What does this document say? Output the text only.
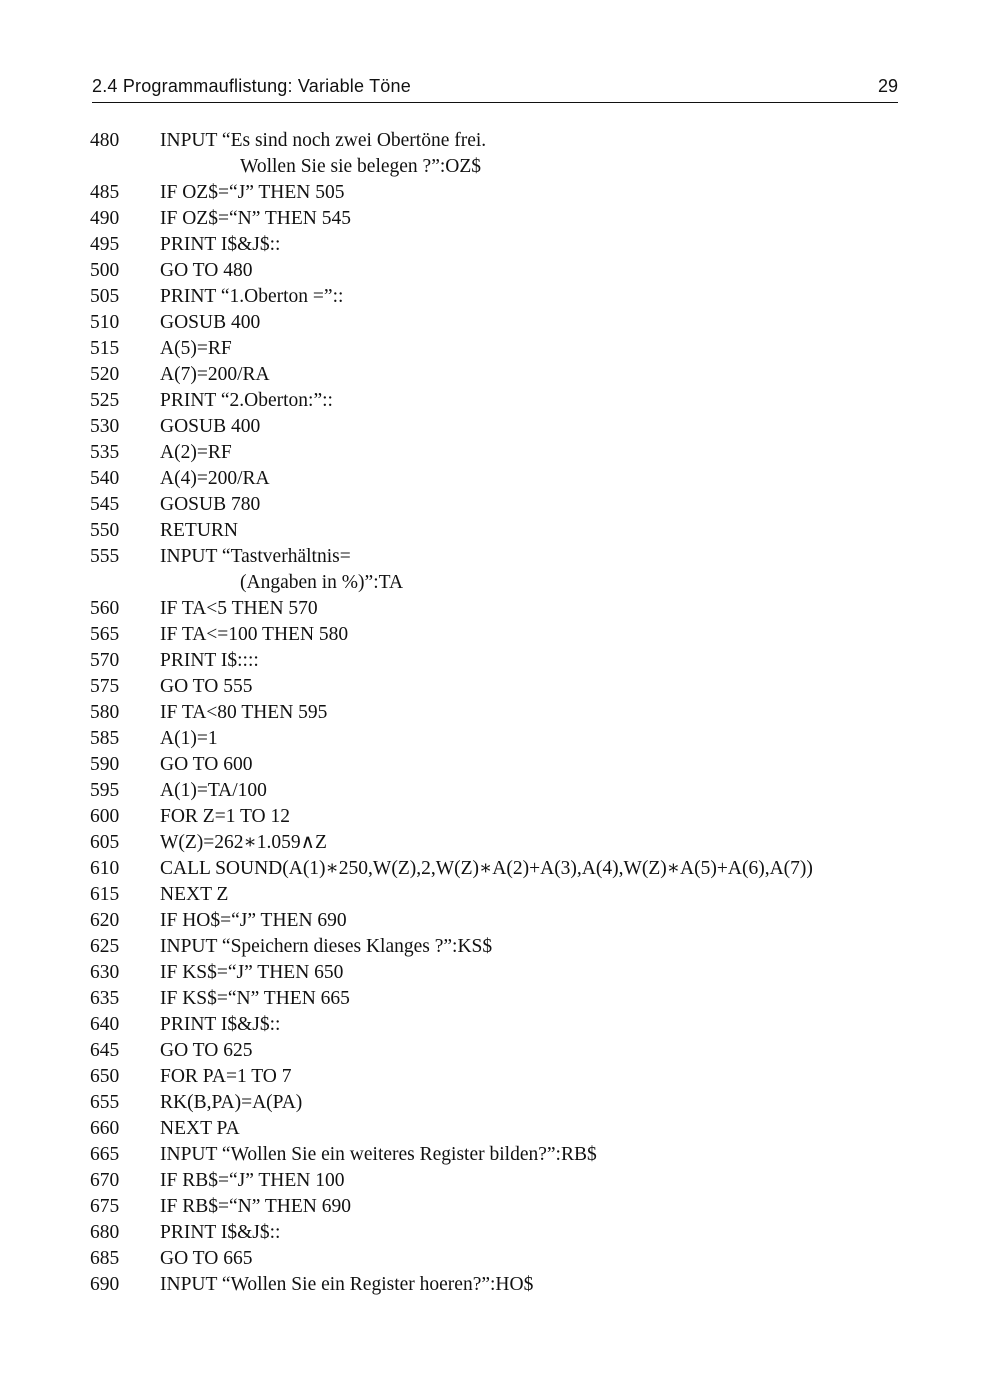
2.4 Programmauflistung: Variable Töne	29
480	INPUT “Es sind noch zwei Obertöne frei.
Wollen Sie sie belegen ?”:OZ$
485	IF OZ$=“J” THEN 505
490	IF OZ$=“N” THEN 545
495	PRINT I$&J$::
500	GO TO 480
505	PRINT “1.Oberton =”::
510	GOSUB 400
515	A(5)=RF
520	A(7)=200/RA
525	PRINT “2.Oberton:”::
530	GOSUB 400
535	A(2)=RF
540	A(4)=200/RA
545	GOSUB 780
550	RETURN
555	INPUT “Tastverhältnis=
(Angaben in %)”:TA
560	IF TA<5 THEN 570
565	IF TA<=100 THEN 580
570	PRINT I$::::
575	GO TO 555
580	IF TA<80 THEN 595
585	A(1)=1
590	GO TO 600
595	A(1)=TA/100
600	FOR Z=1 TO 12
605	W(Z)=262∗1.059∧Z
610	CALL SOUND(A(1)∗250,W(Z),2,W(Z)∗A(2)+A(3),A(4),W(Z)∗A(5)+A(6),A(7))
615	NEXT Z
620	IF HO$=“J” THEN 690
625	INPUT “Speichern dieses Klanges ?”:KS$
630	IF KS$=“J” THEN 650
635	IF KS$=“N” THEN 665
640	PRINT I$&J$::
645	GO TO 625
650	FOR PA=1 TO 7
655	RK(B,PA)=A(PA)
660	NEXT PA
665	INPUT “Wollen Sie ein weiteres Register bilden?”:RB$
670	IF RB$=“J” THEN 100
675	IF RB$=“N” THEN 690
680	PRINT I$&J$::
685	GO TO 665
690	INPUT “Wollen Sie ein Register hoeren?”:HO$
